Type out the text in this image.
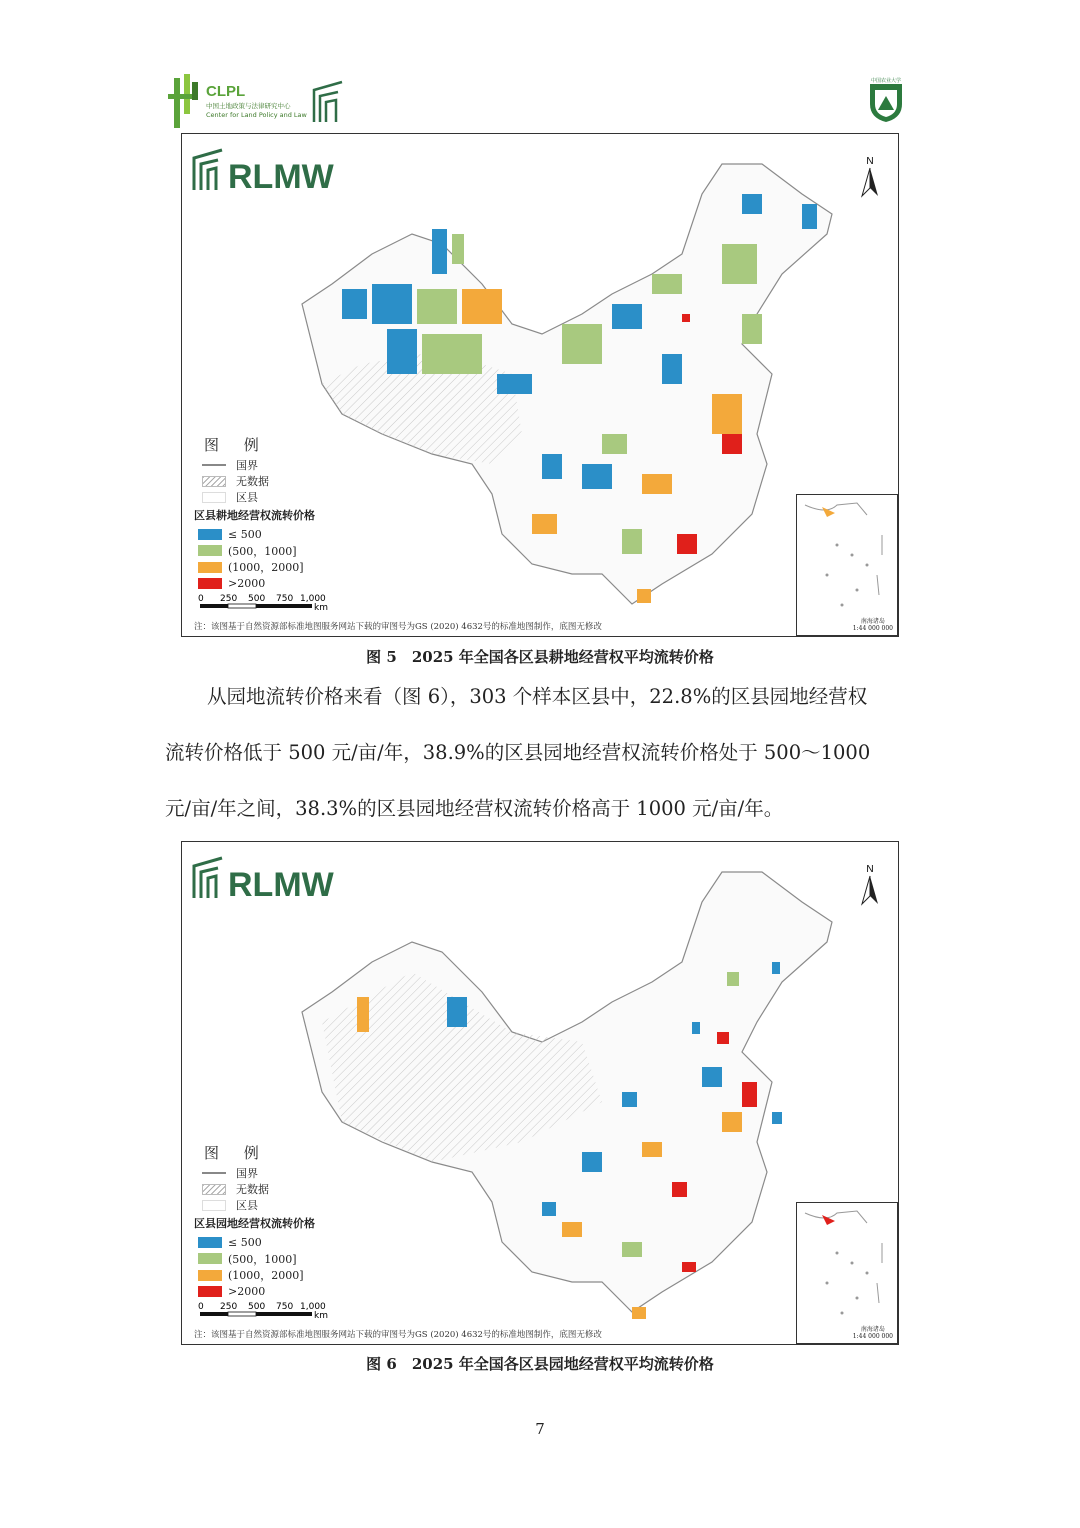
CLPL
中国土地政策与法律研究中心
Center for Land Policy and Law
中国农业大学
RLMW	N
图 例
国界
无数据
区县
区县耕地经营权流转价格
≤ 500
(500，1000]
(1000，2000]
>2000
0 250 500 750 1,000
km
注：该图基于自然资源部标准地图服务网站下载的审图号为GS (2020) 4632号的标准地图制作，底图无修改
南海诸岛
1:44 000 000
图 5　2025 年全国各区县耕地经营权平均流转价格
从园地流转价格来看（图 6），303 个样本区县中，22.8%的区县园地经营权
流转价格低于 500 元/亩/年，38.9%的区县园地经营权流转价格处于 500～1000
元/亩/年之间，38.3%的区县园地经营权流转价格高于 1000 元/亩/年。
RLMW	N
图 例
国界
无数据
区县
区县园地经营权流转价格
≤ 500
(500，1000]
(1000，2000]
>2000
0 250 500 750 1,000
km
注：该图基于自然资源部标准地图服务网站下载的审图号为GS (2020) 4632号的标准地图制作，底图无修改
南海诸岛
1:44 000 000
图 6　2025 年全国各区县园地经营权平均流转价格
7
